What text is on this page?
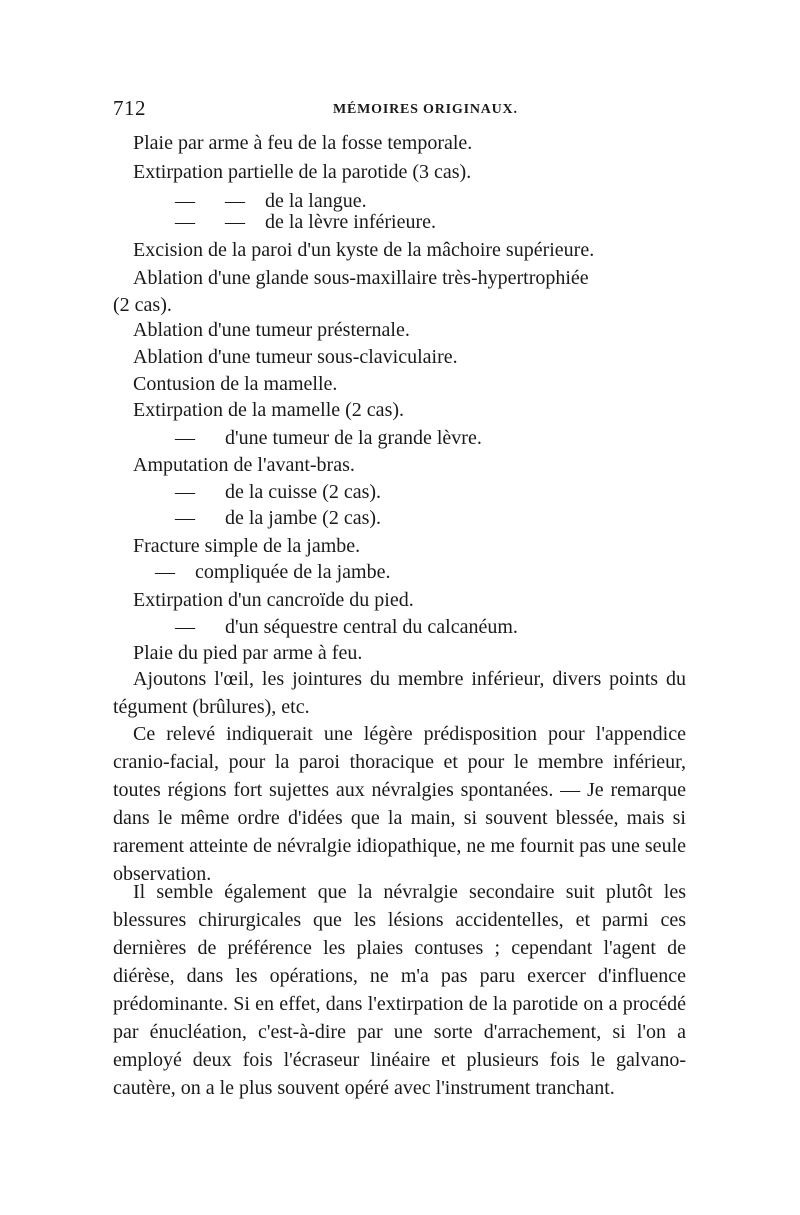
712	MÉMOIRES ORIGINAUX.
Plaie par arme à feu de la fosse temporale.
Extirpation partielle de la parotide (3 cas).
—      —    de la langue.
—      —    de la lèvre inférieure.
Excision de la paroi d'un kyste de la mâchoire supérieure.
Ablation d'une glande sous-maxillaire très-hypertrophiée
(2 cas).
Ablation d'une tumeur présternale.
Ablation d'une tumeur sous-claviculaire.
Contusion de la mamelle.
Extirpation de la mamelle (2 cas).
—      d'une tumeur de la grande lèvre.
Amputation de l'avant-bras.
—      de la cuisse (2 cas).
—      de la jambe (2 cas).
Fracture simple de la jambe.
—    compliquée de la jambe.
Extirpation d'un cancroïde du pied.
—      d'un séquestre central du calcanéum.
Plaie du pied par arme à feu.
Ajoutons l'œil, les jointures du membre inférieur, divers points du tégument (brûlures), etc.
Ce relevé indiquerait une légère prédisposition pour l'appendice cranio-facial, pour la paroi thoracique et pour le membre inférieur, toutes régions fort sujettes aux névralgies spontanées. — Je remarque dans le même ordre d'idées que la main, si souvent blessée, mais si rarement atteinte de névralgie idiopathique, ne me fournit pas une seule observation.
Il semble également que la névralgie secondaire suit plutôt les blessures chirurgicales que les lésions accidentelles, et parmi ces dernières de préférence les plaies contuses ; cependant l'agent de diérèse, dans les opérations, ne m'a pas paru exercer d'influence prédominante. Si en effet, dans l'extirpation de la parotide on a procédé par énucléation, c'est-à-dire par une sorte d'arrachement, si l'on a employé deux fois l'écraseur linéaire et plusieurs fois le galvano-cautère, on a le plus souvent opéré avec l'instrument tranchant.
